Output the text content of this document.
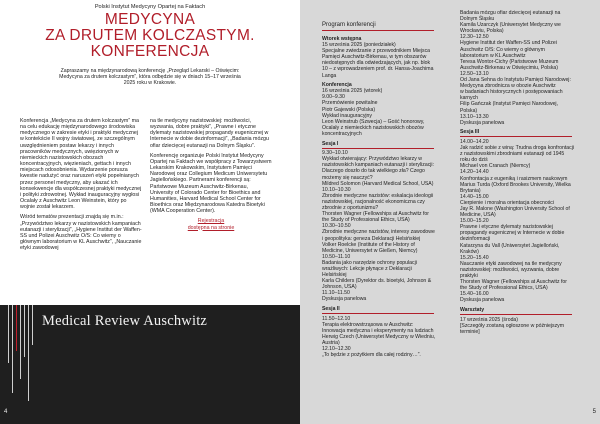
Polski Instytut Medycyny Opartej na Faktach
MEDYCYNA
ZA DRUTEM KOLCZASTYM.
KONFERENCJA
Zapraszamy na międzynarodową konferencję „Przegląd Lekarski – Oświęcim: Medycyna za drutem kolczastym”, która odbędzie się w dniach 15–17 września 2025 roku w Krakowie.

Konferencja „Medycyna za drutem kolczastym” ma na celu edukację międzynarodowego środowiska medycznego w zakresie etyki i praktyki medycznej w kontekście II wojny światowej, ze szczególnym uwzględnieniem postaw lekarzy i innych pracowników medycznych, uwięzionych w niemieckich nazistowskich obozach koncentracyjnych, więzieniach, gettach i innych miejscach odosobnienia. Wydarzenie porusza kwestie nadużyć oraz naruszeń etyki popełnianych przez personel medyczny, aby ukazać ich konsekwencje dla współczesnej praktyki medycznej i polityki zdrowotnej. Wykład inauguracyjny wygłosi Ocalały z Auschwitz Leon Weinstein, który po wojnie został lekarzem.

Wśród tematów prezentacji znajdą się m.in.: „Przywództwo lekarzy w nazistowskich kampaniach eutanazji i sterylizacji”, „Hygiene Institut der Waffen-SS und Polizei Auschwitz O/S: Co wiemy o głównym laboratorium w KL Auschwitz”, „Nauczanie etyki zawodowej

na tle medycyny nazistowskiej: możliwości, wyzwania, dobre praktyki”, „Prawne i etyczne dylematy nazistowskiej propagandy eugenicznej w Internecie w dobie dezinformacji”, „Badania mózgu ofiar dziecięcej eutanazji na Dolnym Śląsku”.

Konferencję organizuje Polski Instytut Medycyny Opartej na Faktach we współpracy z Towarzystwem Lekarskim Krakowskim, Instytutem Pamięci Narodowej oraz Collegium Medicum Uniwersytetu Jagiellońskiego. Partnerami konferencji są: Państwowe Muzeum Auschwitz-Birkenau, University of Colorado Center for Bioethics and Humanities, Harvard Medical School Center for Bioethics oraz Międzynarodowa Katedra Bioetyki (WMA Cooperation Center).

Rejestracja
dostępna na stronie
Medical Review Auschwitz
4
Program konferencji
Wtorek wstępna
15 września 2025 (poniedziałek)
Specjalne zwiedzanie z przewodnikiem Miejsca
Pamięci Auschwitz-Birkenau, w tym obszarów
niedostępnych dla odwiedzających, jak np. blok
10 – z wprowadzeniem prof. dr. Hansa-Joachima
Langa
Konferencja
16 września 2025 (wtorek)
9.00–9.30
Przemówienie powitalne
Piotr Gajewski (Polska)
Wykład inauguracyjny
Leon Weinstrub (Szwecja) – Gość honorowy,
Ocalały z niemieckich nazistowskich obozów
koncentracyjnych
Sesja I
9.30–10.10
Wykład otwierający: Przywództwo lekarzy w
nazistowskich kampaniach eutanazji i sterylizacji:
Dlaczego doszło do tak wielkiego zła? Czego
możemy się nauczyć?
Mildred Solomon (Harvard Medical School, USA)
10.10–10.30
Zbrodnie medyczne nazistów: eskalacja ideologii
nazistowskiej, racjonalność ekonomiczna czy
zbrodnie z oportunizmu?
Thorsten Wagner (Fellowships at Auschwitz for
the Study of Professional Ethics, USA)
10.30–10.50
Zbrodnie medyczne nazistów, interesy zawodowe
i geopolityka: geneza Deklaracji Helsińskiej
Volker Roelcke (Institute of the History of
Medicine, Uniwersytet w Gießen, Niemcy)
10.50–11.10
Badania jako narzędzie ochrony populacji
wrażliwych: Lekcje płynące z Deklaracji
Helsińskiej
Karla Childers (Dyrektor ds. bioetyki, Johnson &
Johnson, USA)
11.10–11.50
Dyskusja panelowa
Sesja II
11.50–12.10
Terapia elektrowstrząsowa w Auschwitz:
Innowacja medyczna i eksperymenty na ludziach
Herwig Czech (Uniwersytet Medyczny w Wiedniu,
Austria)
12.10–12.30
„To będzie z pożytkiem dla całej rodziny…”.
Badania mózgu ofiar dziecięcej eutanazji na
Dolnym Śląsku
Kamila Uzarczyk (Uniwersytet Medyczny we
Wrocławiu, Polska)
12.30–12.50
Hygiene Institut der Waffen-SS und Polizei
Auschwitz O/S: Co wiemy o głównym
laboratorium w KL Auschwitz
Teresa Wontor-Cichy (Państwowe Muzeum
Auschwitz-Birkenau w Oświęcimiu, Polska)
12.50–13.10
Od Jana Sehna do Instytutu Pamięci Narodowej:
Medycyna zbrodnicza w obozie Auschwitz
w badaniach historycznych i postępowaniach
karnych
Filip Gańczak (Instytut Pamięci Narodowej,
Polska)
13.10–13.30
Dyskusja panelowa
Sesja III
14.00–14.20
Jak radzić sobie z winą: Trudna droga konfrontacji
z nazistowskimi zbrodniami eutanazji od 1945
roku do dziś
Michael von Cranach (Niemcy)
14.20–14.40
Konfrontacja z eugeniką i rasizmem naukowym
Marius Turda (Oxford Brookes University, Wielka
Brytania)
14.40–15.00
Cierpienie i moralna orientacja obecności
Jay R. Malone (Washington University School of
Medicine, USA)
15.00–15.20
Prawne i etyczne dylematy nazistowskiej
propagandy eugenicznej w Internecie w dobie
dezinformacji
Katarzyna du Vall (Uniwersytet Jagielloński,
Kraków)
15.20–15.40
Nauczanie etyki zawodowej na tle medycyny
nazistowskiej: możliwości, wyzwania, dobre
praktyki
Thorsten Wagner (Fellowships at Auschwitz for
the Study of Professional Ethics, USA)
15.40–16.00
Dyskusja panelowa
Warsztaty
17 września 2025 (środa)
[Szczegóły zostaną ogłoszone w późniejszym
terminie]
5
